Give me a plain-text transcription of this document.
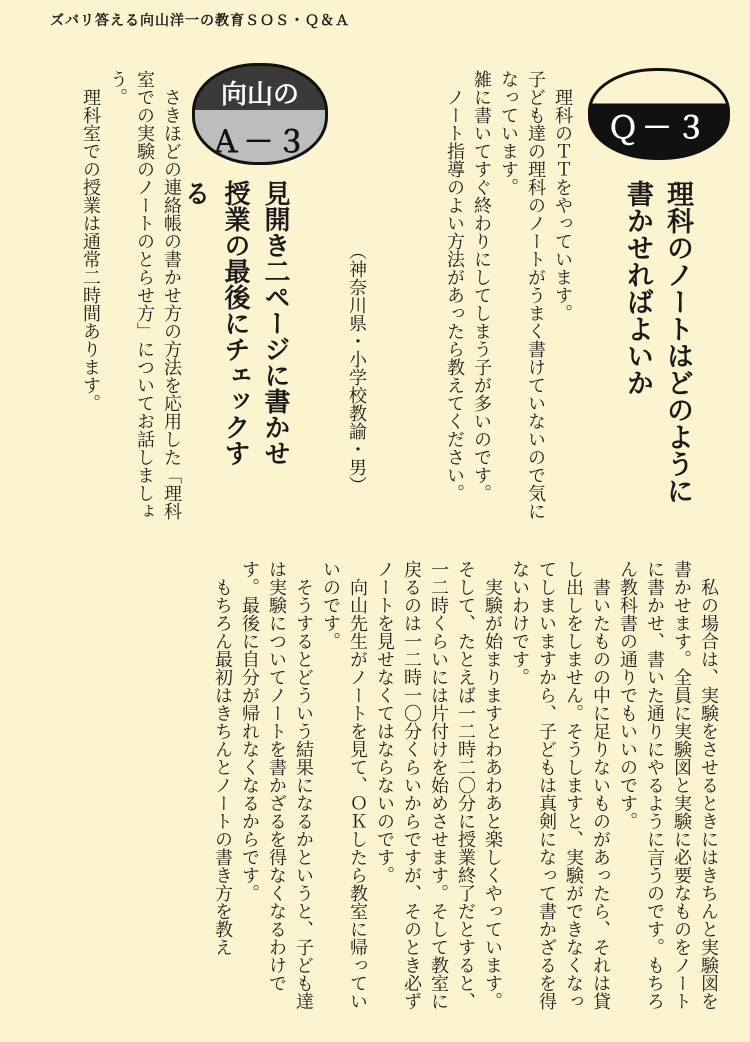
ズバリ答える向山洋一の教育ＳＯＳ・Ｑ＆Ａ
Ｑ－３

理科のノートはどのように
書かせればよいか

　理科のＴＴをやっています。
子ども達の理科のノートがうまく書けていないので気になっています。
雑に書いてすぐ終わりにしてしまう子が多いのです。
　ノート指導のよい方法があったら教えてください。

（神奈川県・小学校教諭・男）

向山の
Ａ－３

見開き二ページに書かせ
授業の最後にチェックする

　さきほどの連絡帳の書かせ方の方法を応用した「理科室での実験のノートのとらせ方」についてお話しましょう。
　理科室での授業は通常二時間あります。

　私の場合は、実験をさせるときにはきちんと実験図を書かせます。全員に実験図と実験に必要なものをノートに書かせ、書いた通りにやるように言うのです。もちろん教科書の通りでもいいのです。
　書いたものの中に足りないものがあったら、それは貸し出しをしません。そうしますと、実験ができなくなってしまいますから、子どもは真剣になって書かざるを得ないわけです。
　実験が始まりますとわあわあと楽しくやっています。そして、たとえば一二時二〇分に授業終了だとすると、一二時くらいには片付けを始めさせます。そして教室に戻るのは一二時一〇分くらいからですが、そのとき必ずノートを見せなくてはならないのです。
　向山先生がノートを見て、ＯＫしたら教室に帰っていいのです。
　そうするとどういう結果になるかというと、子ども達は実験についてノートを書かざるを得なくなるわけです。最後に自分が帰れなくなるからです。
　もちろん最初はきちんとノートの書き方を教え
